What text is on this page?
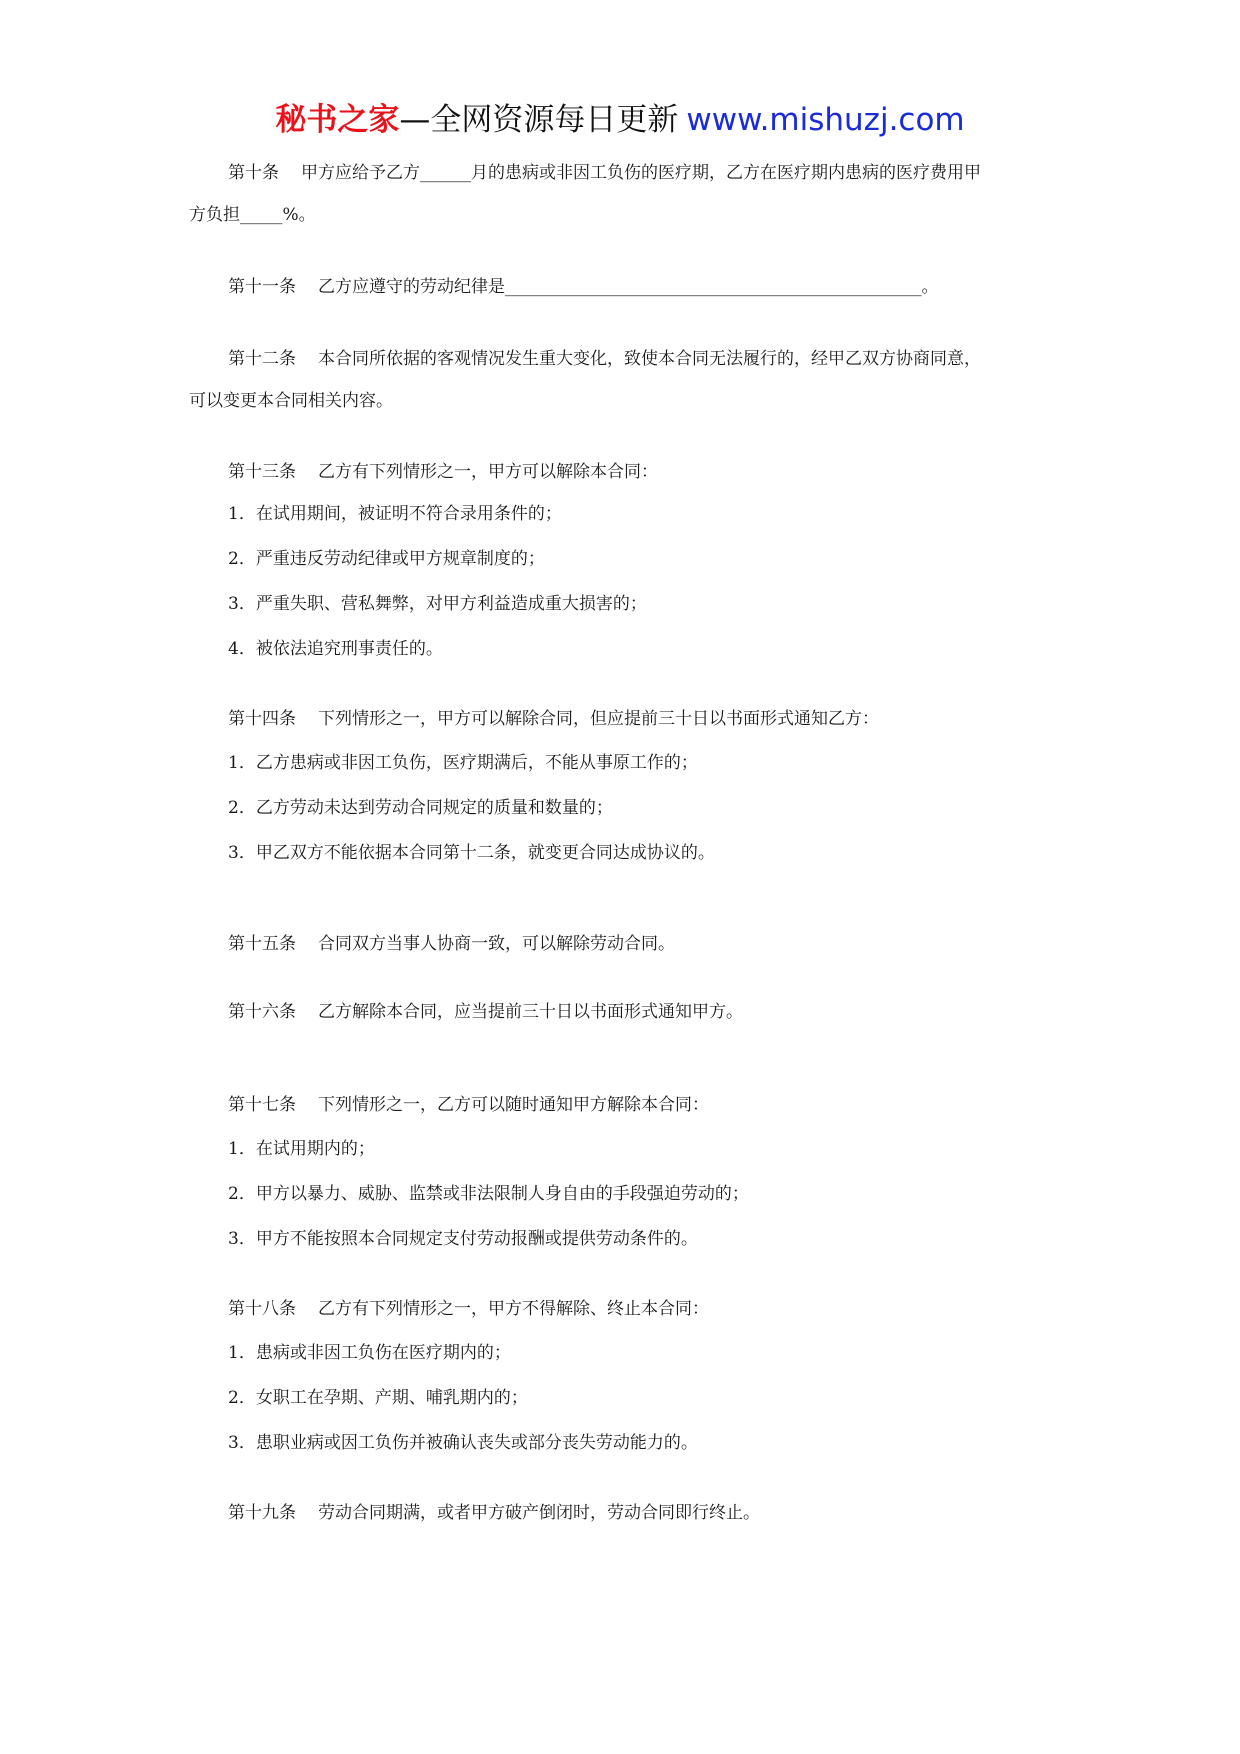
秘书之家—全网资源每日更新 www.mishuzj.com
第十条 甲方应给予乙方______月的患病或非因工负伤的医疗期，乙方在医疗期内患病的医疗费用甲
方负担_____%。
第十一条 乙方应遵守的劳动纪律是_________________________________________________。
第十二条 本合同所依据的客观情况发生重大变化，致使本合同无法履行的，经甲乙双方协商同意，
可以变更本合同相关内容。
第十三条 乙方有下列情形之一，甲方可以解除本合同：
1．在试用期间，被证明不符合录用条件的；
2．严重违反劳动纪律或甲方规章制度的；
3．严重失职、营私舞弊，对甲方利益造成重大损害的；
4．被依法追究刑事责任的。
第十四条 下列情形之一，甲方可以解除合同，但应提前三十日以书面形式通知乙方：
1．乙方患病或非因工负伤，医疗期满后，不能从事原工作的；
2．乙方劳动未达到劳动合同规定的质量和数量的；
3．甲乙双方不能依据本合同第十二条，就变更合同达成协议的。
第十五条 合同双方当事人协商一致，可以解除劳动合同。
第十六条 乙方解除本合同，应当提前三十日以书面形式通知甲方。
第十七条 下列情形之一，乙方可以随时通知甲方解除本合同：
1．在试用期内的；
2．甲方以暴力、威胁、监禁或非法限制人身自由的手段强迫劳动的；
3．甲方不能按照本合同规定支付劳动报酬或提供劳动条件的。
第十八条 乙方有下列情形之一，甲方不得解除、终止本合同：
1．患病或非因工负伤在医疗期内的；
2．女职工在孕期、产期、哺乳期内的；
3．患职业病或因工负伤并被确认丧失或部分丧失劳动能力的。
第十九条 劳动合同期满，或者甲方破产倒闭时，劳动合同即行终止。
